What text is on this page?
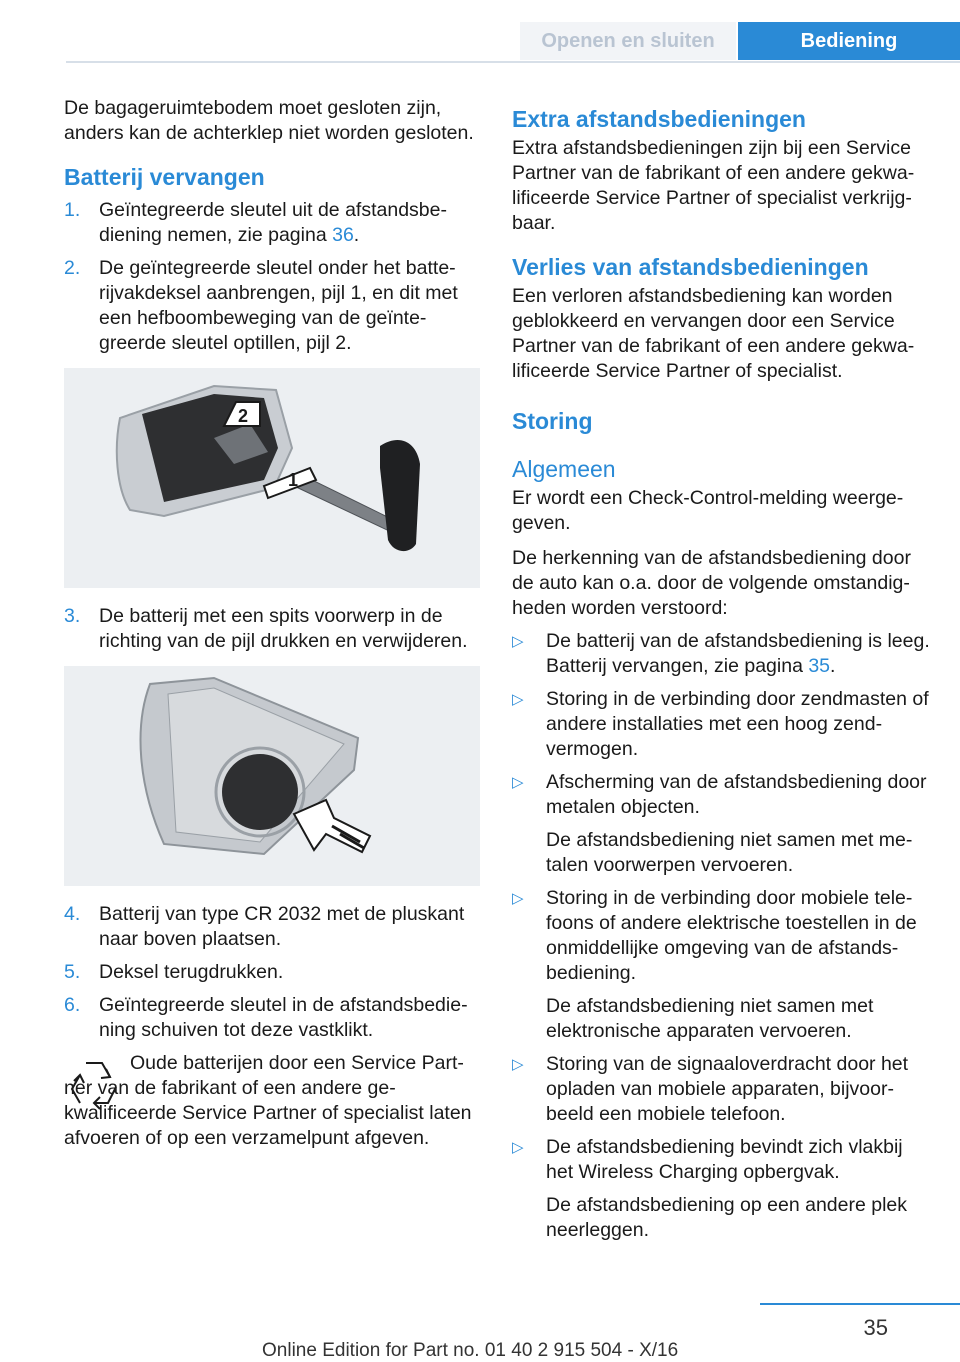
Openen en sluiten	Bediening

De bagageruimtebodem moet gesloten zijn, anders kan de achterklep niet worden gesloten.

Batterij vervangen
1. Geïntegreerde sleutel uit de afstandsbediening nemen, zie pagina 36.
2. De geïntegreerde sleutel onder het batterijvakdeksel aanbrengen, pijl 1, en dit met een hefboombeweging van de geïntegreerde sleutel optillen, pijl 2.
1
2
3. De batterij met een spits voorwerp in de richting van de pijl drukken en verwijderen.
4. Batterij van type CR 2032 met de pluskant naar boven plaatsen.
5. Deksel terugdrukken.
6. Geïntegreerde sleutel in de afstandsbediening schuiven tot deze vastklikt.

Oude batterijen door een Service Partner van de fabrikant of een andere gekwalificeerde Service Partner of specialist laten afvoeren of op een verzamelpunt afgeven.

Extra afstandsbedieningen

Extra afstandsbedieningen zijn bij een Service Partner van de fabrikant of een andere gekwalificeerde Service Partner of specialist verkrijgbaar.

Verlies van afstandsbedieningen

Een verloren afstandsbediening kan worden geblokkeerd en vervangen door een Service Partner van de fabrikant of een andere gekwalificeerde Service Partner of specialist.

Storing
Algemeen

Er wordt een Check-Control-melding weergegeven.

De herkenning van de afstandsbediening door de auto kan o.a. door de volgende omstandigheden worden verstoord:

▷ De batterij van de afstandsbediening is leeg. Batterij vervangen, zie pagina 35.
▷ Storing in de verbinding door zendmasten of andere installaties met een hoog zendvermogen.
▷ Afscherming van de afstandsbediening door metalen objecten.
De afstandsbediening niet samen met metalen voorwerpen vervoeren.
▷ Storing in de verbinding door mobiele telefoons of andere elektrische toestellen in de onmiddellijke omgeving van de afstandsbediening.
De afstandsbediening niet samen met elektronische apparaten vervoeren.
▷ Storing van de signaaloverdracht door het opladen van mobiele apparaten, bijvoorbeeld een mobiele telefoon.
▷ De afstandsbediening bevindt zich vlakbij het Wireless Charging opbergvak.
De afstandsbediening op een andere plek neerleggen.
35
Online Edition for Part no. 01 40 2 915 504 - X/16
